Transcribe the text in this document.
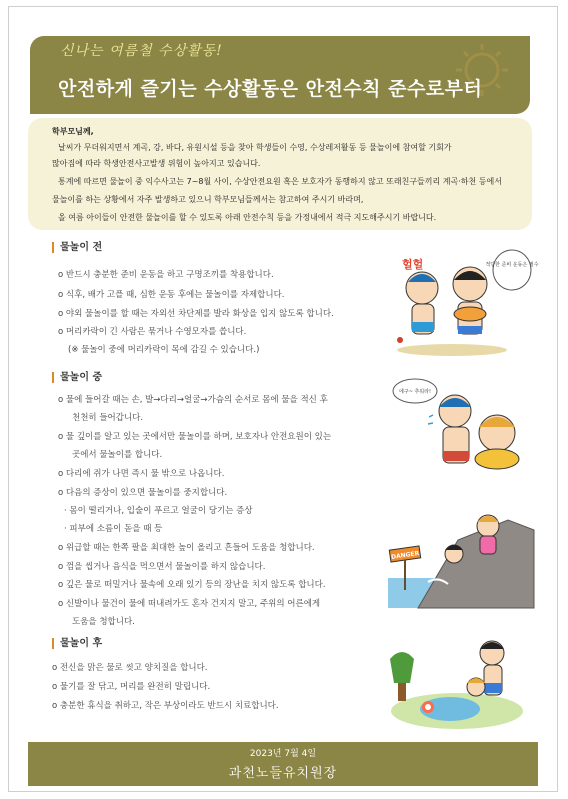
신나는 여름철 수상활동!
안전하게 즐기는 수상활동은 안전수칙 준수로부터
학부모님께,
날씨가 무더워지면서 계곡, 강, 바다, 유원시설 등을 찾아 학생들이 수영, 수상레저활동 등 물놀이에 참여할 기회가
많아짐에 따라 학생안전사고발생 위험이 높아지고 있습니다.
통계에 따르면 물놀이 중 익수사고는 7~8월 사이, 수상안전요원 혹은 보호자가 동행하지 않고 또래친구들끼리 계곡·하천 등에서
물놀이를 하는 상황에서 자주 발생하고 있으니 학부모님들께서는 참고하여 주시기 바라며,
올 여름 아이들이 안전한 물놀이를 할 수 있도록 아래 안전수칙 등을 가정내에서 적극 지도해주시기 바랍니다.
물놀이 전
o 반드시 충분한 준비 운동을 하고 구명조끼를 착용합니다.
o 식후, 배가 고플 때, 심한 운동 후에는 물놀이를 자제합니다.
o 야외 물놀이를 할 때는 자외선 차단제를 발라 화상을 입지 않도록 합니다.
o 머리카락이 긴 사람은 묶거나 수영모자를 씁니다.
(※ 물놀이 중에 머리카락이 목에 감길 수 있습니다.)
물놀이 중
o 물에 들어갈 때는 손, 발→다리→얼굴→가슴의 순서로 몸에 물을 적신 후
천천히 들어갑니다.
o 물 깊이를 알고 있는 곳에서만 물놀이를 하며, 보호자나 안전요원이 있는
곳에서 물놀이를 합니다.
o 다리에 쥐가 나면 즉시 물 밖으로 나옵니다.
o 다음의 증상이 있으면 물놀이를 중지합니다.
· 몸이 떨리거나, 입술이 푸르고 얼굴이 당기는 증상
· 피부에 소름이 돋을 때 등
o 위급할 때는 한쪽 팔을 최대한 높이 올리고 흔들어 도움을 청합니다.
o 껌을 씹거나 음식을 먹으면서 물놀이를 하지 않습니다.
o 깊은 물로 떠밀거나 물속에 오래 있기 등의 장난을 치지 않도록 합니다.
o 신발이나 물건이 물에 떠내려가도 혼자 건지지 말고, 주위의 어른에게
도움을 청합니다.
물놀이 후
o 전신을 맑은 물로 씻고 양치질을 합니다.
o 물기를 잘 닦고, 머리를 완전히 말립니다.
o 충분한 휴식을 취하고, 작은 부상이라도 반드시 치료합니다.
적당한 준비 운동은 필수
헐헐
에구~ 추워라!
DANGER
2023년 7월 4일
과천노들유치원장
